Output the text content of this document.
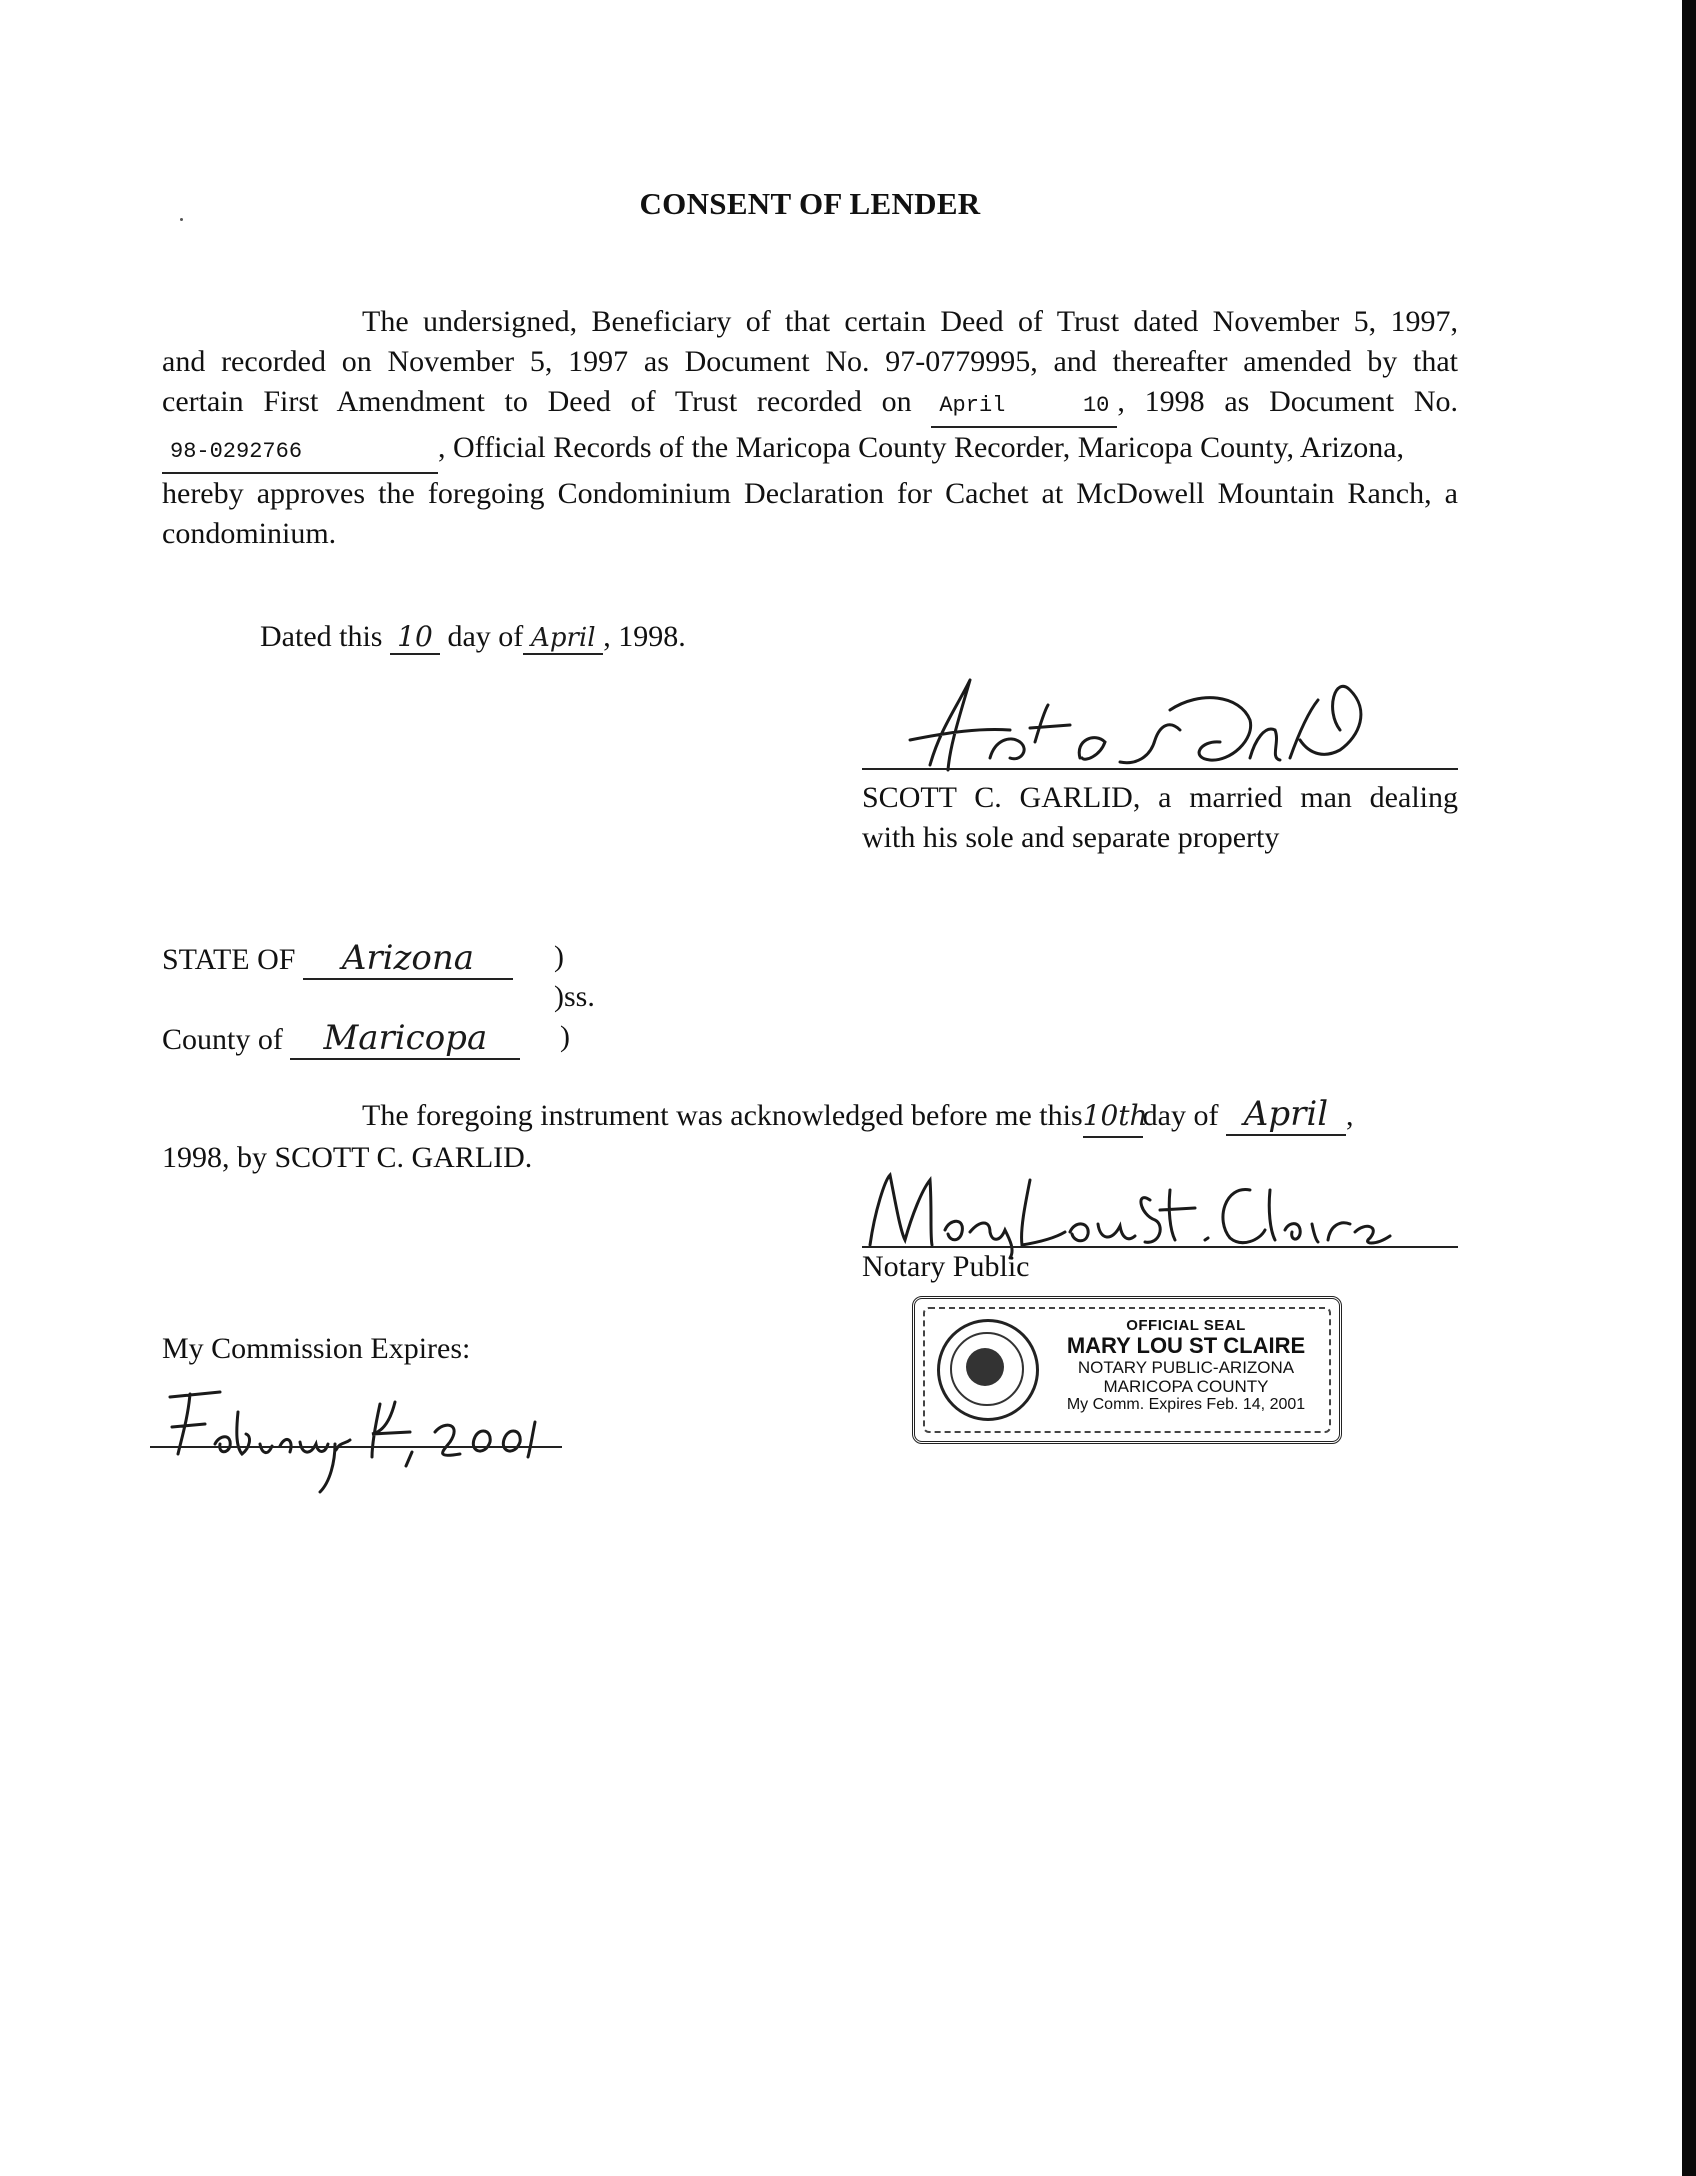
CONSENT OF LENDER
The undersigned, Beneficiary of that certain Deed of Trust dated November 5, 1997,
and recorded on November 5, 1997 as Document No. 97-0779995, and thereafter amended by that
certain First Amendment to Deed of Trust recorded on April 10 , 1998 as Document No.
98-0292766	, Official Records of the Maricopa County Recorder, Maricopa County, Arizona,
hereby approves the foregoing Condominium Declaration for Cachet at McDowell Mountain Ranch, a
condominium.
Dated this 10 day of April , 1998.
SCOTT C. GARLID, a married man dealing
with his sole and separate property
STATE OF Arizona	)
)ss.
County of Maricopa	)
The foregoing instrument was acknowledged before me this10thday of April ,
1998, by SCOTT C. GARLID.
Notary Public
OFFICIAL SEAL
MARY LOU ST CLAIRE
NOTARY PUBLIC-ARIZONA
MARICOPA COUNTY
My Comm. Expires Feb. 14, 2001
My Commission Expires:
